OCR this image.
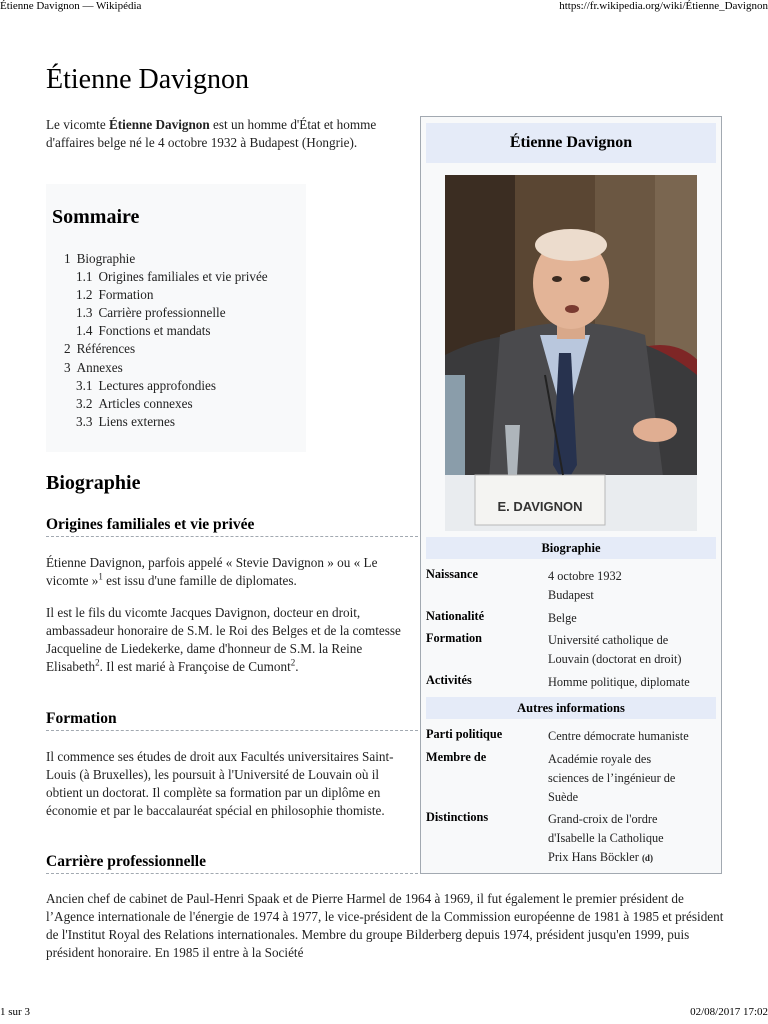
Étienne Davignon — Wikipédia	https://fr.wikipedia.org/wiki/Étienne_Davignon
Étienne Davignon

Le vicomte Étienne Davignon est un homme d'État et homme d'affaires belge né le 4 octobre 1932 à Budapest (Hongrie).

Sommaire
1 Biographie
1.1 Origines familiales et vie privée
1.2 Formation
1.3 Carrière professionnelle
1.4 Fonctions et mandats
2 Références
3 Annexes
3.1 Lectures approfondies
3.2 Articles connexes
3.3 Liens externes
Biographie
Origines familiales et vie privée

Étienne Davignon, parfois appelé « Stevie Davignon » ou « Le vicomte »$^1$ est issu d'une famille de diplomates.

Il est le fils du vicomte Jacques Davignon, docteur en droit, ambassadeur honoraire de S.M. le Roi des Belges et de la comtesse Jacqueline de Liedekerke, dame d'honneur de S.M. la Reine Elisabeth$^2$. Il est marié à Françoise de Cumont$^2$.

Formation

Il commence ses études de droit aux Facultés universitaires Saint-Louis (à Bruxelles), les poursuit à l'Université de Louvain où il obtient un doctorat. Il complète sa formation par un diplôme en économie et par le baccalauréat spécial en philosophie thomiste.

Carrière professionnelle

Ancien chef de cabinet de Paul-Henri Spaak et de Pierre Harmel de 1964 à 1969, il fut également le premier président de l’Agence internationale de l'énergie de 1974 à 1977, le vice-président de la Commission européenne de 1981 à 1985 et président de l'Institut Royal des Relations internationales. Membre du groupe Bilderberg depuis 1974, président jusqu'en 1999, puis président honoraire. En 1985 il entre à la Société

Étienne Davignon
E. DAVIGNON
Biographie
Naissance	4 octobre 1932
Budapest
Nationalité	Belge
Formation	Université catholique de
Louvain (doctorat en droit)
Activités	Homme politique, diplomate
Autres informations
Parti politique	Centre démocrate humaniste
Membre de	Académie royale des
sciences de l’ingénieur de
Suède
Distinctions	Grand-croix de l'ordre
d'Isabelle la Catholique
Prix Hans Böckler (d)
1 sur 3	02/08/2017 17:02
